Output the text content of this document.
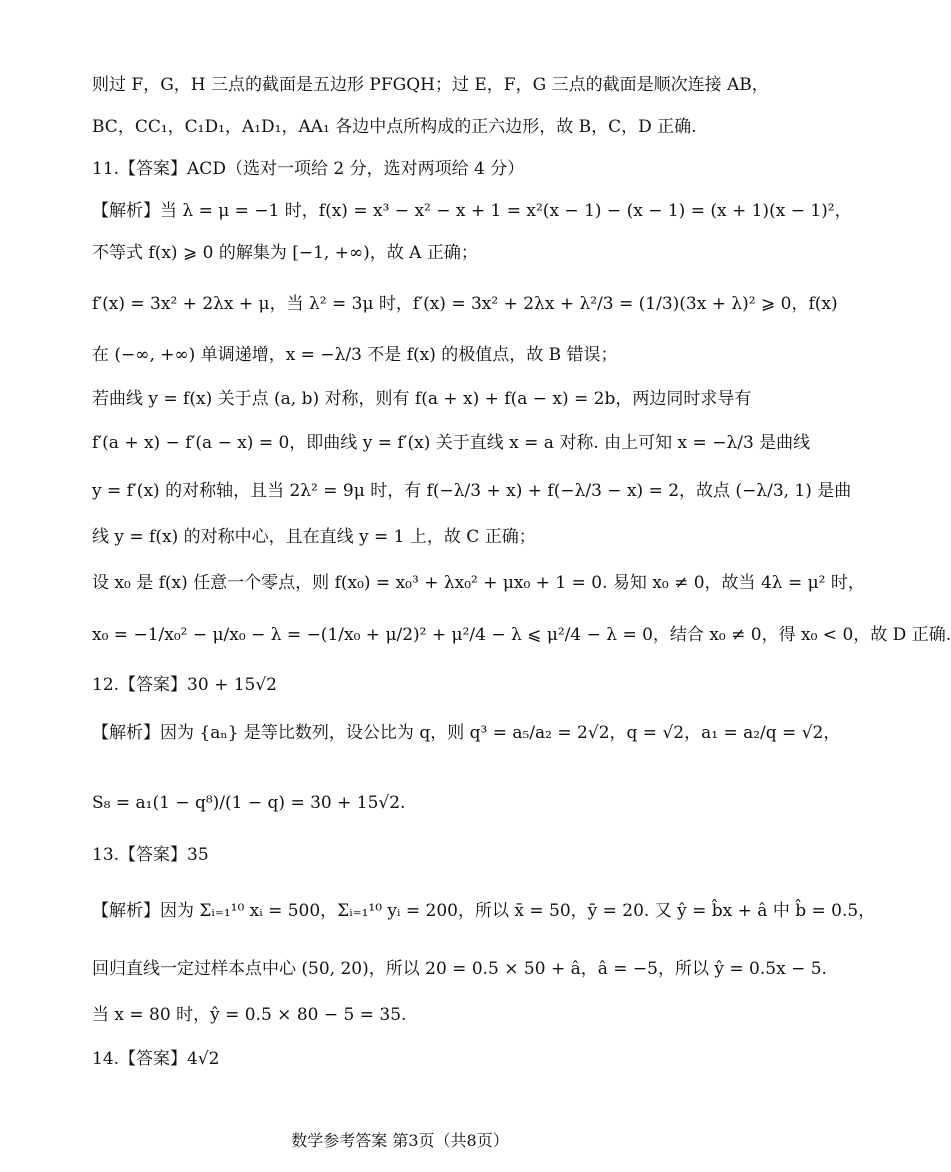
则过 F，G，H 三点的截面是五边形 PFGQH；过 E，F，G 三点的截面是顺次连接 AB，
BC，CC₁，C₁D₁，A₁D₁，AA₁ 各边中点所构成的正六边形，故 B，C，D 正确.
11.【答案】ACD（选对一项给 2 分，选对两项给 4 分）
【解析】当 λ = μ = −1 时，f(x) = x³ − x² − x + 1 = x²(x − 1) − (x − 1) = (x + 1)(x − 1)²，
不等式 f(x) ⩾ 0 的解集为 [−1, +∞)，故 A 正确；
f′(x) = 3x² + 2λx + μ，当 λ² = 3μ 时，f′(x) = 3x² + 2λx + λ²/3 = (1/3)(3x + λ)² ⩾ 0，f(x)
在 (−∞, +∞) 单调递增，x = −λ/3 不是 f(x) 的极值点，故 B 错误；
若曲线 y = f(x) 关于点 (a, b) 对称，则有 f(a + x) + f(a − x) = 2b，两边同时求导有
f′(a + x) − f′(a − x) = 0，即曲线 y = f′(x) 关于直线 x = a 对称. 由上可知 x = −λ/3 是曲线
y = f′(x) 的对称轴，且当 2λ² = 9μ 时，有 f(−λ/3 + x) + f(−λ/3 − x) = 2，故点 (−λ/3, 1) 是曲
线 y = f(x) 的对称中心，且在直线 y = 1 上，故 C 正确；
设 x₀ 是 f(x) 任意一个零点，则 f(x₀) = x₀³ + λx₀² + μx₀ + 1 = 0. 易知 x₀ ≠ 0，故当 4λ = μ² 时，
x₀ = −1/x₀² − μ/x₀ − λ = −(1/x₀ + μ/2)² + μ²/4 − λ ⩽ μ²/4 − λ = 0，结合 x₀ ≠ 0，得 x₀ < 0，故 D 正确.
12.【答案】30 + 15√2
【解析】因为 {aₙ} 是等比数列，设公比为 q，则 q³ = a₅/a₂ = 2√2，q = √2，a₁ = a₂/q = √2，
S₈ = a₁(1 − q⁸)/(1 − q) = 30 + 15√2.
13.【答案】35
【解析】因为 Σᵢ₌₁¹⁰ xᵢ = 500，Σᵢ₌₁¹⁰ yᵢ = 200，所以 x̄ = 50，ȳ = 20. 又 ŷ = b̂x + â 中 b̂ = 0.5，
回归直线一定过样本点中心 (50, 20)，所以 20 = 0.5 × 50 + â，â = −5，所以 ŷ = 0.5x − 5.
当 x = 80 时，ŷ = 0.5 × 80 − 5 = 35.
14.【答案】4√2
数学参考答案 第3页（共8页）
